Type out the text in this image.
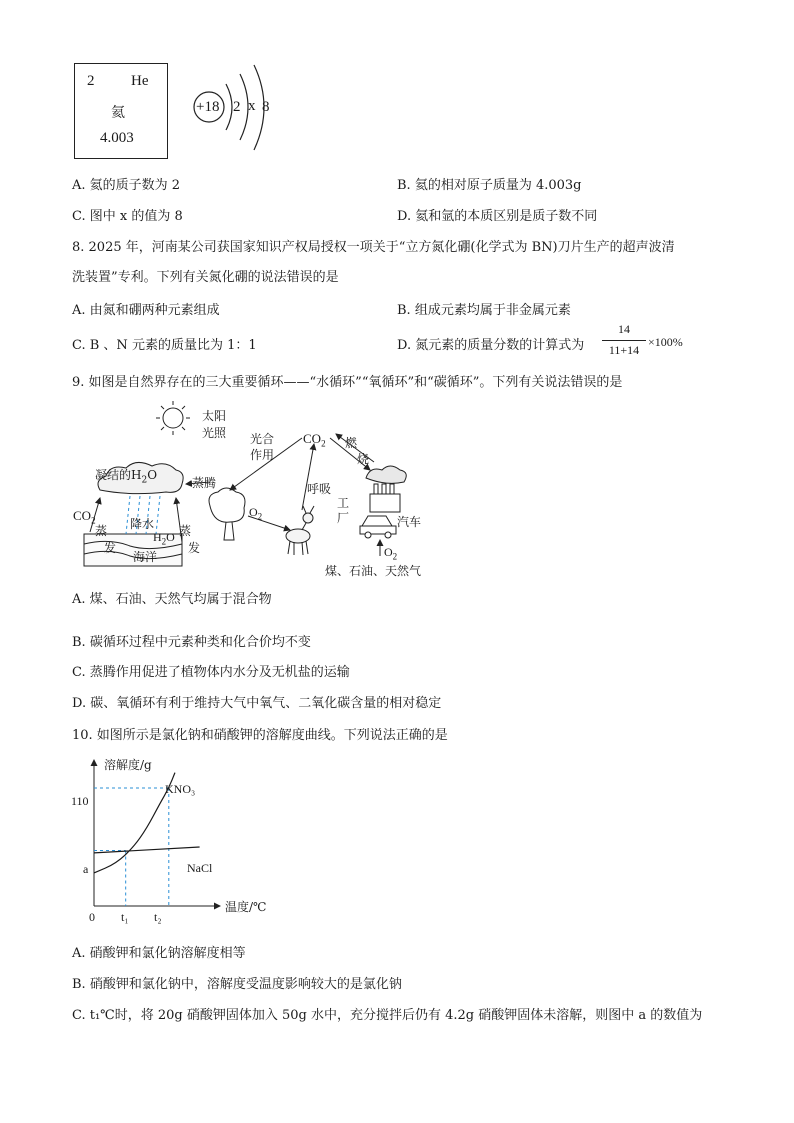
2 He
氦
4.003
+18 2 x 8
A. 氦的质子数为 2	B. 氦的相对原子质量为 4.003g
C. 图中 x 的值为 8	D. 氦和氩的本质区别是质子数不同
8. 2025 年，河南某公司获国家知识产权局授权一项关于“立方氮化硼(化学式为 BN)刀片生产的超声波清
洗装置”专利。下列有关氮化硼的说法错误的是
A. 由氮和硼两种元素组成	B. 组成元素均属于非金属元素
C. B 、N 元素的质量比为 1：1	D. 氮元素的质量分数的计算式为
14
11+14
×100%
9. 如图是自然界存在的三大重要循环——“水循环”“氧循环”和“碳循环”。下列有关说法错误的是
太阳
光照 光合
作用
$CO_2$ 燃
烧
凝结的$H_2O$
蒸腾
$O_2$
呼吸
工
厂	汽车
$CO_2$
蒸
发
降水
$H_2O$
海洋
蒸
发	$O_2$
煤、石油、天然气
A. 煤、石油、天然气均属于混合物
B. 碳循环过程中元素种类和化合价均不变
C. 蒸腾作用促进了植物体内水分及无机盐的运输
D. 碳、氧循环有利于维持大气中氧气、二氧化碳含量的相对稳定
10. 如图所示是氯化钠和硝酸钾的溶解度曲线。下列说法正确的是
溶解度/g
温度/℃
0
110
a
t₁ t₂
KNO₃
NaCl
A. 硝酸钾和氯化钠溶解度相等
B. 硝酸钾和氯化钠中，溶解度受温度影响较大的是氯化钠
C. t₁℃时，将 20g 硝酸钾固体加入 50g 水中，充分搅拌后仍有 4.2g 硝酸钾固体未溶解，则图中 a 的数值为
